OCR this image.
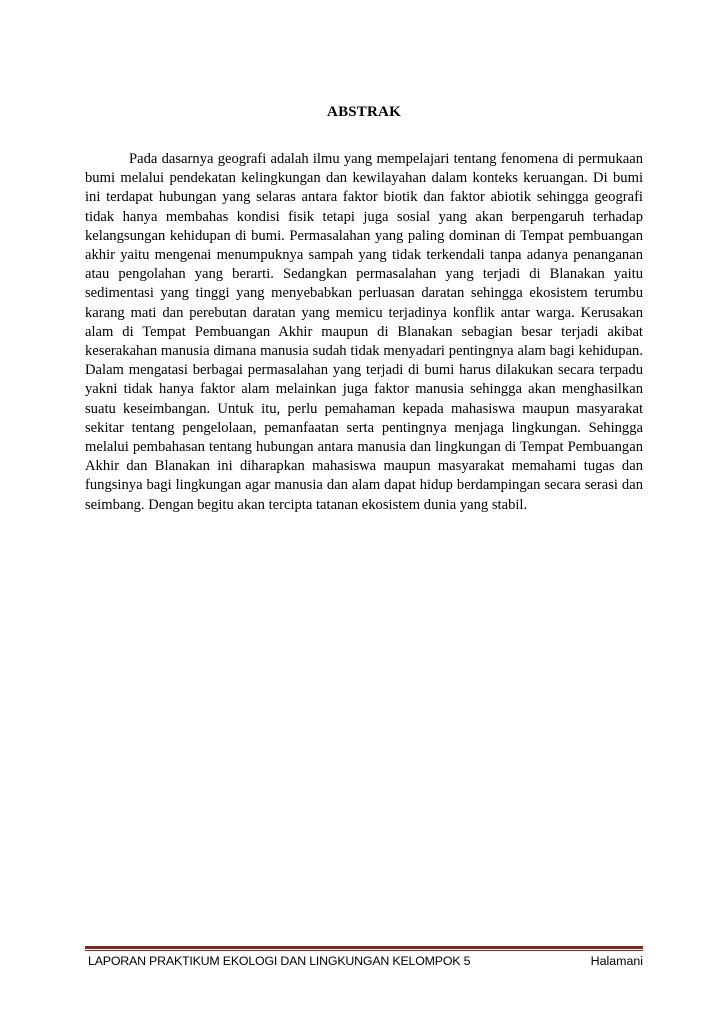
ABSTRAK

Pada dasarnya geografi adalah ilmu yang mempelajari tentang fenomena di permukaan bumi melalui pendekatan kelingkungan dan kewilayahan dalam konteks keruangan. Di bumi ini terdapat hubungan yang selaras antara faktor biotik dan faktor abiotik sehingga geografi tidak hanya membahas kondisi fisik tetapi juga sosial yang akan berpengaruh terhadap kelangsungan kehidupan di bumi. Permasalahan yang paling dominan di Tempat pembuangan akhir yaitu mengenai menumpuknya sampah yang tidak terkendali tanpa adanya penanganan atau pengolahan yang berarti. Sedangkan permasalahan yang terjadi di Blanakan yaitu sedimentasi yang tinggi yang menyebabkan perluasan daratan sehingga ekosistem terumbu karang mati dan perebutan daratan yang memicu terjadinya konflik antar warga. Kerusakan alam di Tempat Pembuangan Akhir maupun di Blanakan sebagian besar terjadi akibat keserakahan manusia dimana manusia sudah tidak menyadari pentingnya alam bagi kehidupan. Dalam mengatasi berbagai permasalahan yang terjadi di bumi harus dilakukan secara terpadu yakni tidak hanya faktor alam melainkan juga faktor manusia sehingga akan menghasilkan suatu keseimbangan. Untuk itu, perlu pemahaman kepada mahasiswa maupun masyarakat sekitar tentang pengelolaan, pemanfaatan serta pentingnya menjaga lingkungan. Sehingga melalui pembahasan tentang hubungan antara manusia dan lingkungan di Tempat Pembuangan Akhir dan Blanakan ini diharapkan mahasiswa maupun masyarakat memahami tugas dan fungsinya bagi lingkungan agar manusia dan alam dapat hidup berdampingan secara serasi dan seimbang. Dengan begitu akan tercipta tatanan ekosistem dunia yang stabil.

LAPORAN PRAKTIKUM EKOLOGI DAN LINGKUNGAN KELOMPOK 5	Halamani
